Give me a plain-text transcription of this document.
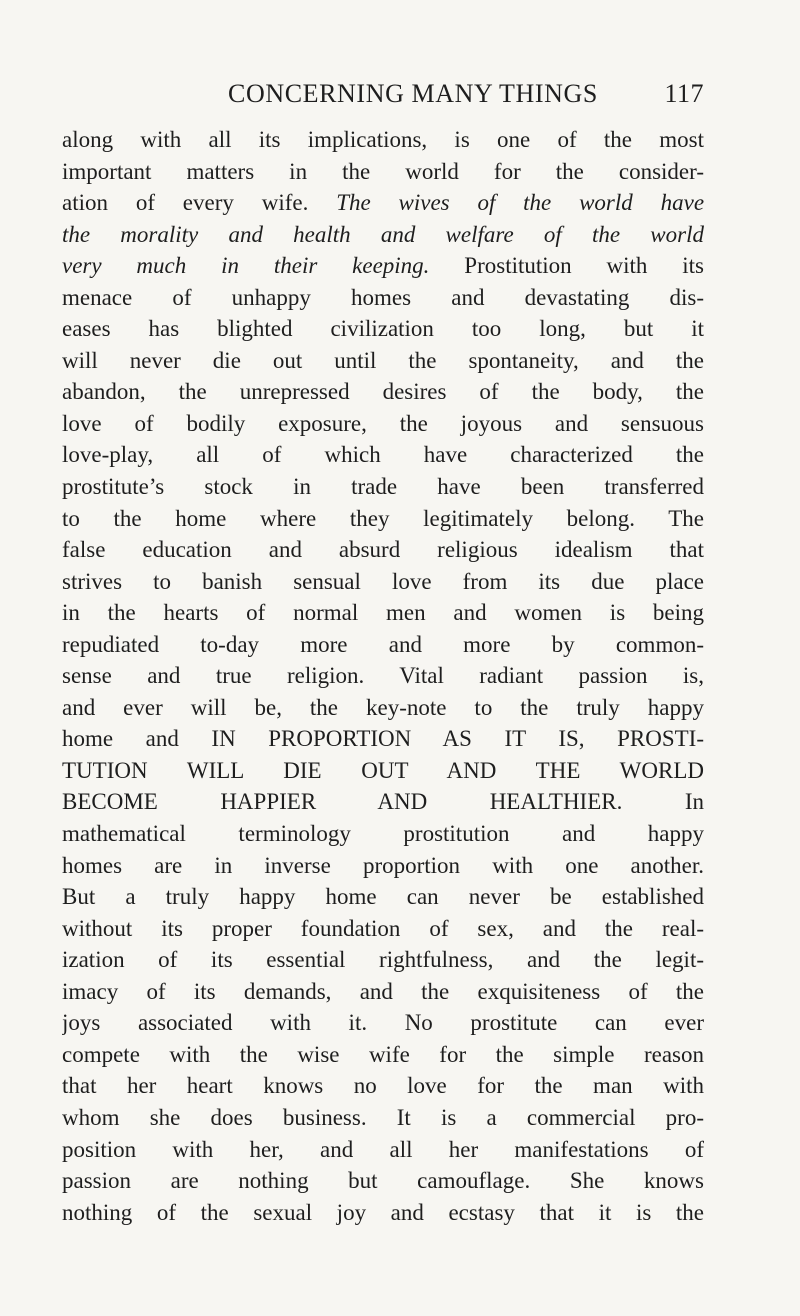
CONCERNING MANY THINGS	117
along with all its implications, is one of the most
important matters in the world for the consider-
ation of every wife. The wives of the world have
the morality and health and welfare of the world
very much in their keeping. Prostitution with its
menace of unhappy homes and devastating dis-
eases has blighted civilization too long, but it
will never die out until the spontaneity, and the
abandon, the unrepressed desires of the body, the
love of bodily exposure, the joyous and sensuous
love-play, all of which have characterized the
prostitute’s stock in trade have been transferred
to the home where they legitimately belong. The
false education and absurd religious idealism that
strives to banish sensual love from its due place
in the hearts of normal men and women is being
repudiated to-day more and more by common-
sense and true religion. Vital radiant passion is,
and ever will be, the key-note to the truly happy
home and IN PROPORTION AS IT IS, PROSTI-
TUTION WILL DIE OUT AND THE WORLD
BECOME HAPPIER AND HEALTHIER. In
mathematical terminology prostitution and happy
homes are in inverse proportion with one another.
But a truly happy home can never be established
without its proper foundation of sex, and the real-
ization of its essential rightfulness, and the legit-
imacy of its demands, and the exquisiteness of the
joys associated with it. No prostitute can ever
compete with the wise wife for the simple reason
that her heart knows no love for the man with
whom she does business. It is a commercial pro-
position with her, and all her manifestations of
passion are nothing but camouflage. She knows
nothing of the sexual joy and ecstasy that it is the
